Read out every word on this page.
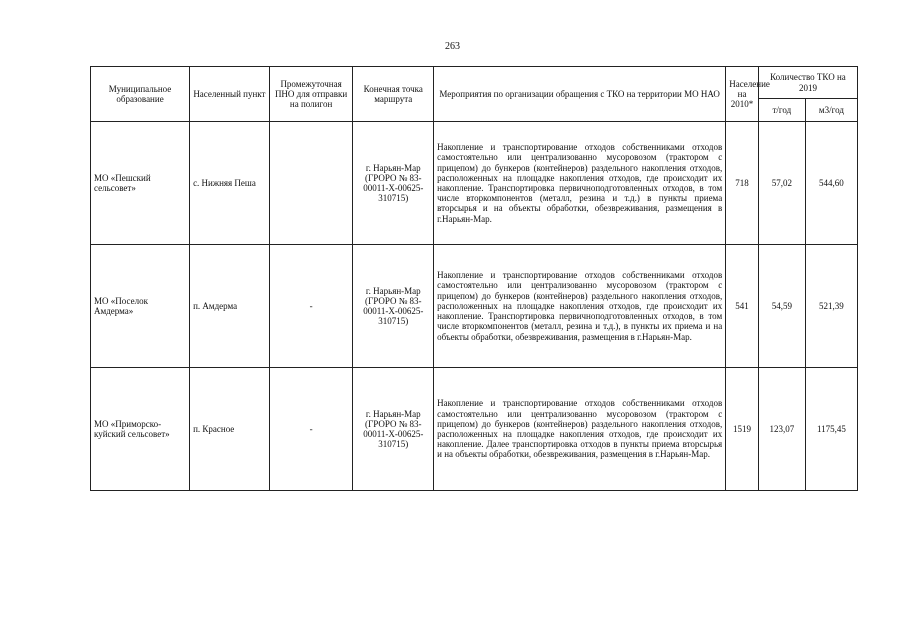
263
Муниципальное образование	Населенный пункт	Промежуточная ПНО для отправки на полигон	Конечная точка маршрута	Мероприятия по организации обращения с ТКО на территории МО НАО	Население на 2010*	Количество ТКО на 2019	
						т/год	м3/год
МО «Пешский сельсовет»	с. Нижняя Пеша		г. Нарьян-Мар (ГРОРО № 83-00011-Х-00625-310715)	Накопление и транспортирование отходов собственниками отходов самостоятельно или централизованно мусоровозом (трактором с прицепом) до бункеров (контейнеров) раздельного накопления отходов, расположенных на площадке накопления отходов, где происходит их накопление. Транспортировка первичноподготовленных отходов, в том числе вторкомпонентов (металл, резина и т.д.) в пункты приема вторсырья и на объекты обработки, обезвреживания, размещения в г.Нарьян-Мар.	718	57,02	544,60
МО «Поселок Амдерма»	п. Амдерма	-	г. Нарьян-Мар (ГРОРО № 83-00011-Х-00625-310715)	Накопление и транспортирование отходов собственниками отходов самостоятельно или централизованно мусоровозом (трактором с прицепом) до бункеров (контейнеров) раздельного накопления отходов, расположенных на площадке накопления отходов, где происходит их накопление. Транспортировка первичноподготовленных отходов, в том числе вторкомпонентов (металл, резина и т.д.), в пункты их приема и на объекты обработки, обезвреживания, размещения в г.Нарьян-Мар.	541	54,59	521,39
МО «Приморско-куйский сельсовет»	п. Красное	-	г. Нарьян-Мар (ГРОРО № 83-00011-Х-00625-310715)	Накопление и транспортирование отходов собственниками отходов самостоятельно или централизованно мусоровозом (трактором с прицепом) до бункеров (контейнеров) раздельного накопления отходов, расположенных на площадке накопления отходов, где происходит их накопление. Далее транспортировка отходов в пункты приема вторсырья и на объекты обработки, обезвреживания, размещения в г.Нарьян-Мар.	1519	123,07	1175,45
